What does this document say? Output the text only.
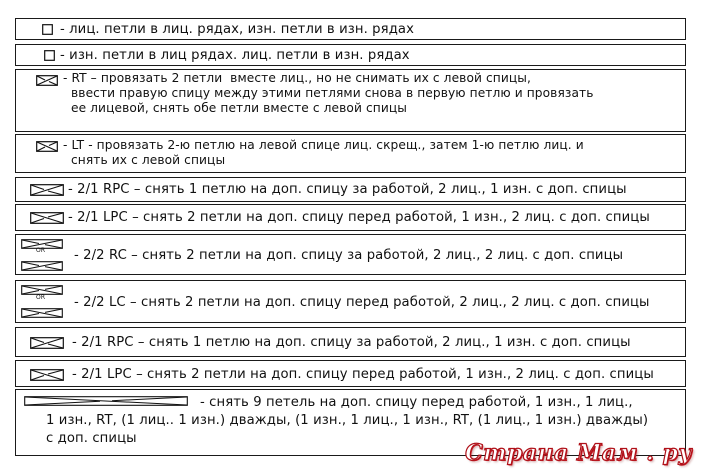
- лиц. петли в лиц. рядах, изн. петли в изн. рядах
- изн. петли в лиц рядах. лиц. петли в изн. рядах
- RT – провязать 2 петли  вместе лиц., но не снимать их с левой спицы,
ввести правую спицу между этими петлями снова в первую петлю и провязать
ее лицевой, снять обе петли вместе с левой спицы
- LT - провязать 2-ю петлю на левой спице лиц. скрещ., затем 1-ю петлю лиц. и
снять их с левой спицы
- 2/1 RPC – снять 1 петлю на доп. спицу за работой, 2 лиц., 1 изн. с доп. спицы
- 2/1 LPC – снять 2 петли на доп. спицу перед работой, 1 изн., 2 лиц. с доп. спицы
OR - 2/2 RC – снять 2 петли на доп. спицу за работой, 2 лиц., 2 лиц. с доп. спицы
OR - 2/2 LC – снять 2 петли на доп. спицу перед работой, 2 лиц., 2 лиц. с доп. спицы
- 2/1 RPC – снять 1 петлю на доп. спицу за работой, 2 лиц., 1 изн. с доп. спицы
- 2/1 LPC – снять 2 петли на доп. спицу перед работой, 1 изн., 2 лиц. с доп. спицы
- снять 9 петель на доп. спицу перед работой, 1 изн., 1 лиц.,
1 изн., RT, (1 лиц.. 1 изн.) дважды, (1 изн., 1 лиц., 1 изн., RT, (1 лиц., 1 изн.) дважды)
с доп. спицы
Страна Мам . ру
